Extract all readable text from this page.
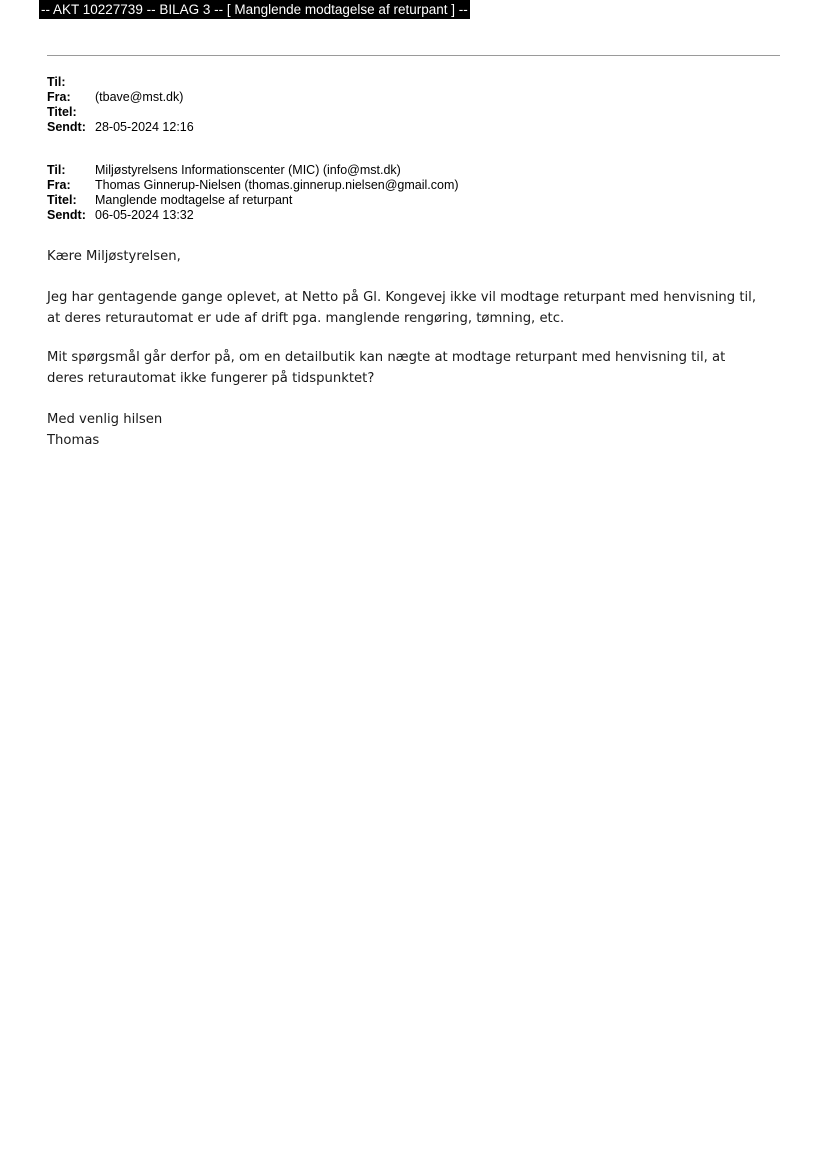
-- AKT 10227739 -- BILAG 3 -- [ Manglende modtagelse af returpant ] --
Til:
Fra:	(tbave@mst.dk)
Titel:
Sendt: 28-05-2024 12:16
Til:	Miljøstyrelsens Informationscenter (MIC) (info@mst.dk)
Fra:	Thomas Ginnerup-Nielsen (thomas.ginnerup.nielsen@gmail.com)
Titel:	Manglende modtagelse af returpant
Sendt: 06-05-2024 13:32
Kære Miljøstyrelsen,
Jeg har gentagende gange oplevet, at Netto på Gl. Kongevej ikke vil modtage returpant med henvisning til,
at deres returautomat er ude af drift pga. manglende rengøring, tømning, etc.
Mit spørgsmål går derfor på, om en detailbutik kan nægte at modtage returpant med henvisning til, at
deres returautomat ikke fungerer på tidspunktet?
Med venlig hilsen
Thomas
